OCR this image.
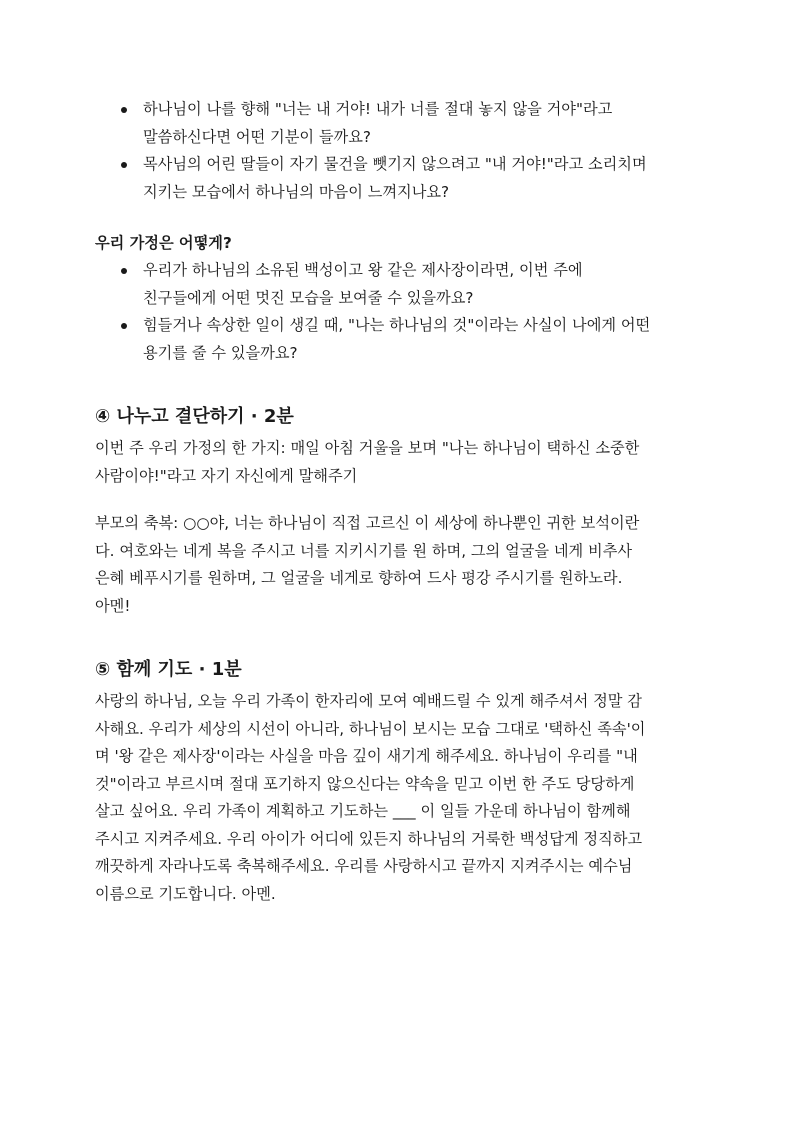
하나님이 나를 향해 "너는 내 거야! 내가 너를 절대 놓지 않을 거야"라고
말씀하신다면 어떤 기분이 들까요?
목사님의 어린 딸들이 자기 물건을 뺏기지 않으려고 "내 거야!"라고 소리치며
지키는 모습에서 하나님의 마음이 느껴지나요?
우리 가정은 어떻게?
우리가 하나님의 소유된 백성이고 왕 같은 제사장이라면, 이번 주에
친구들에게 어떤 멋진 모습을 보여줄 수 있을까요?
힘들거나 속상한 일이 생길 때, "나는 하나님의 것"이라는 사실이 나에게 어떤
용기를 줄 수 있을까요?
④ 나누고 결단하기 · 2분

이번 주 우리 가정의 한 가지: 매일 아침 거울을 보며 "나는 하나님이 택하신 소중한
사람이야!"라고 자기 자신에게 말해주기

부모의 축복: ○○야, 너는 하나님이 직접 고르신 이 세상에 하나뿐인 귀한 보석이란
다. 여호와는 네게 복을 주시고 너를 지키시기를 원 하며, 그의 얼굴을 네게 비추사
은혜 베푸시기를 원하며, 그 얼굴을 네게로 향하여 드사 평강 주시기를 원하노라.
아멘!

⑤ 함께 기도 · 1분

사랑의 하나님, 오늘 우리 가족이 한자리에 모여 예배드릴 수 있게 해주셔서 정말 감
사해요. 우리가 세상의 시선이 아니라, 하나님이 보시는 모습 그대로 '택하신 족속'이
며 '왕 같은 제사장'이라는 사실을 마음 깊이 새기게 해주세요. 하나님이 우리를 "내
것"이라고 부르시며 절대 포기하지 않으신다는 약속을 믿고 이번 한 주도 당당하게
살고 싶어요. 우리 가족이 계획하고 기도하는 ___ 이 일들 가운데 하나님이 함께해
주시고 지켜주세요. 우리 아이가 어디에 있든지 하나님의 거룩한 백성답게 정직하고
깨끗하게 자라나도록 축복해주세요. 우리를 사랑하시고 끝까지 지켜주시는 예수님
이름으로 기도합니다. 아멘.
